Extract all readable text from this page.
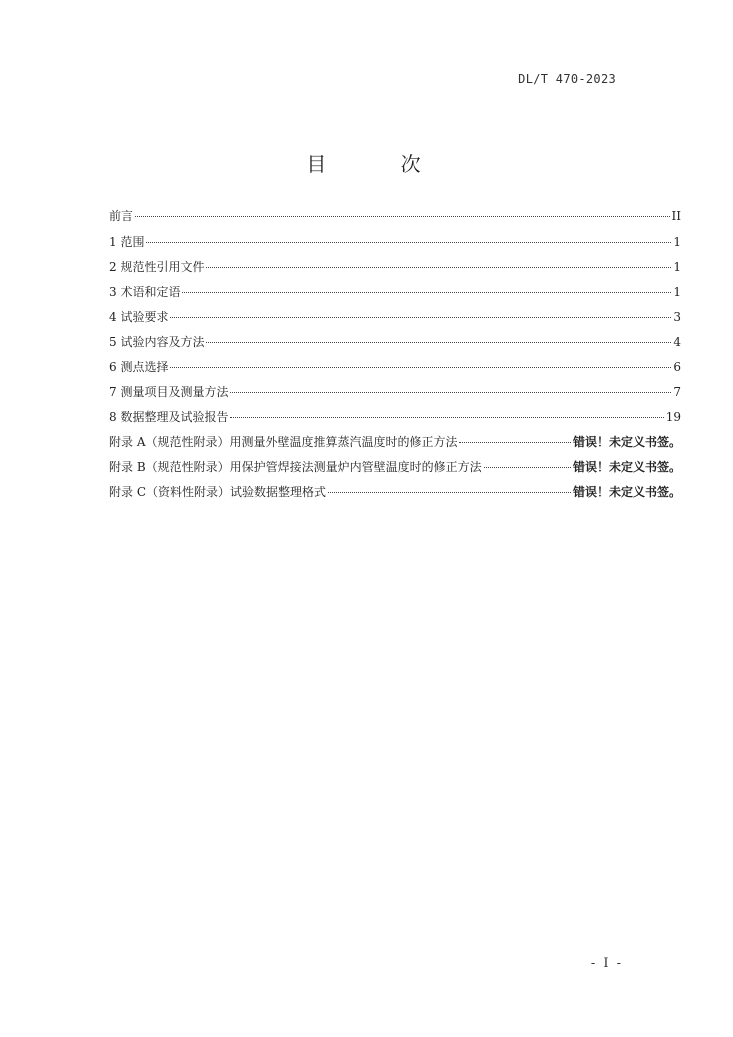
DL/T 470-2023
目 次
前言	II
1 范围	1
2 规范性引用文件	1
3 术语和定语	1
4 试验要求	3
5 试验内容及方法	4
6 测点选择	6
7 测量项目及测量方法	7
8 数据整理及试验报告	19
附录 A（规范性附录）用测量外壁温度推算蒸汽温度时的修正方法	错误！未定义书签。
附录 B（规范性附录）用保护管焊接法测量炉内管壁温度时的修正方法	错误！未定义书签。
附录 C（资料性附录）试验数据整理格式	错误！未定义书签。
- I -
